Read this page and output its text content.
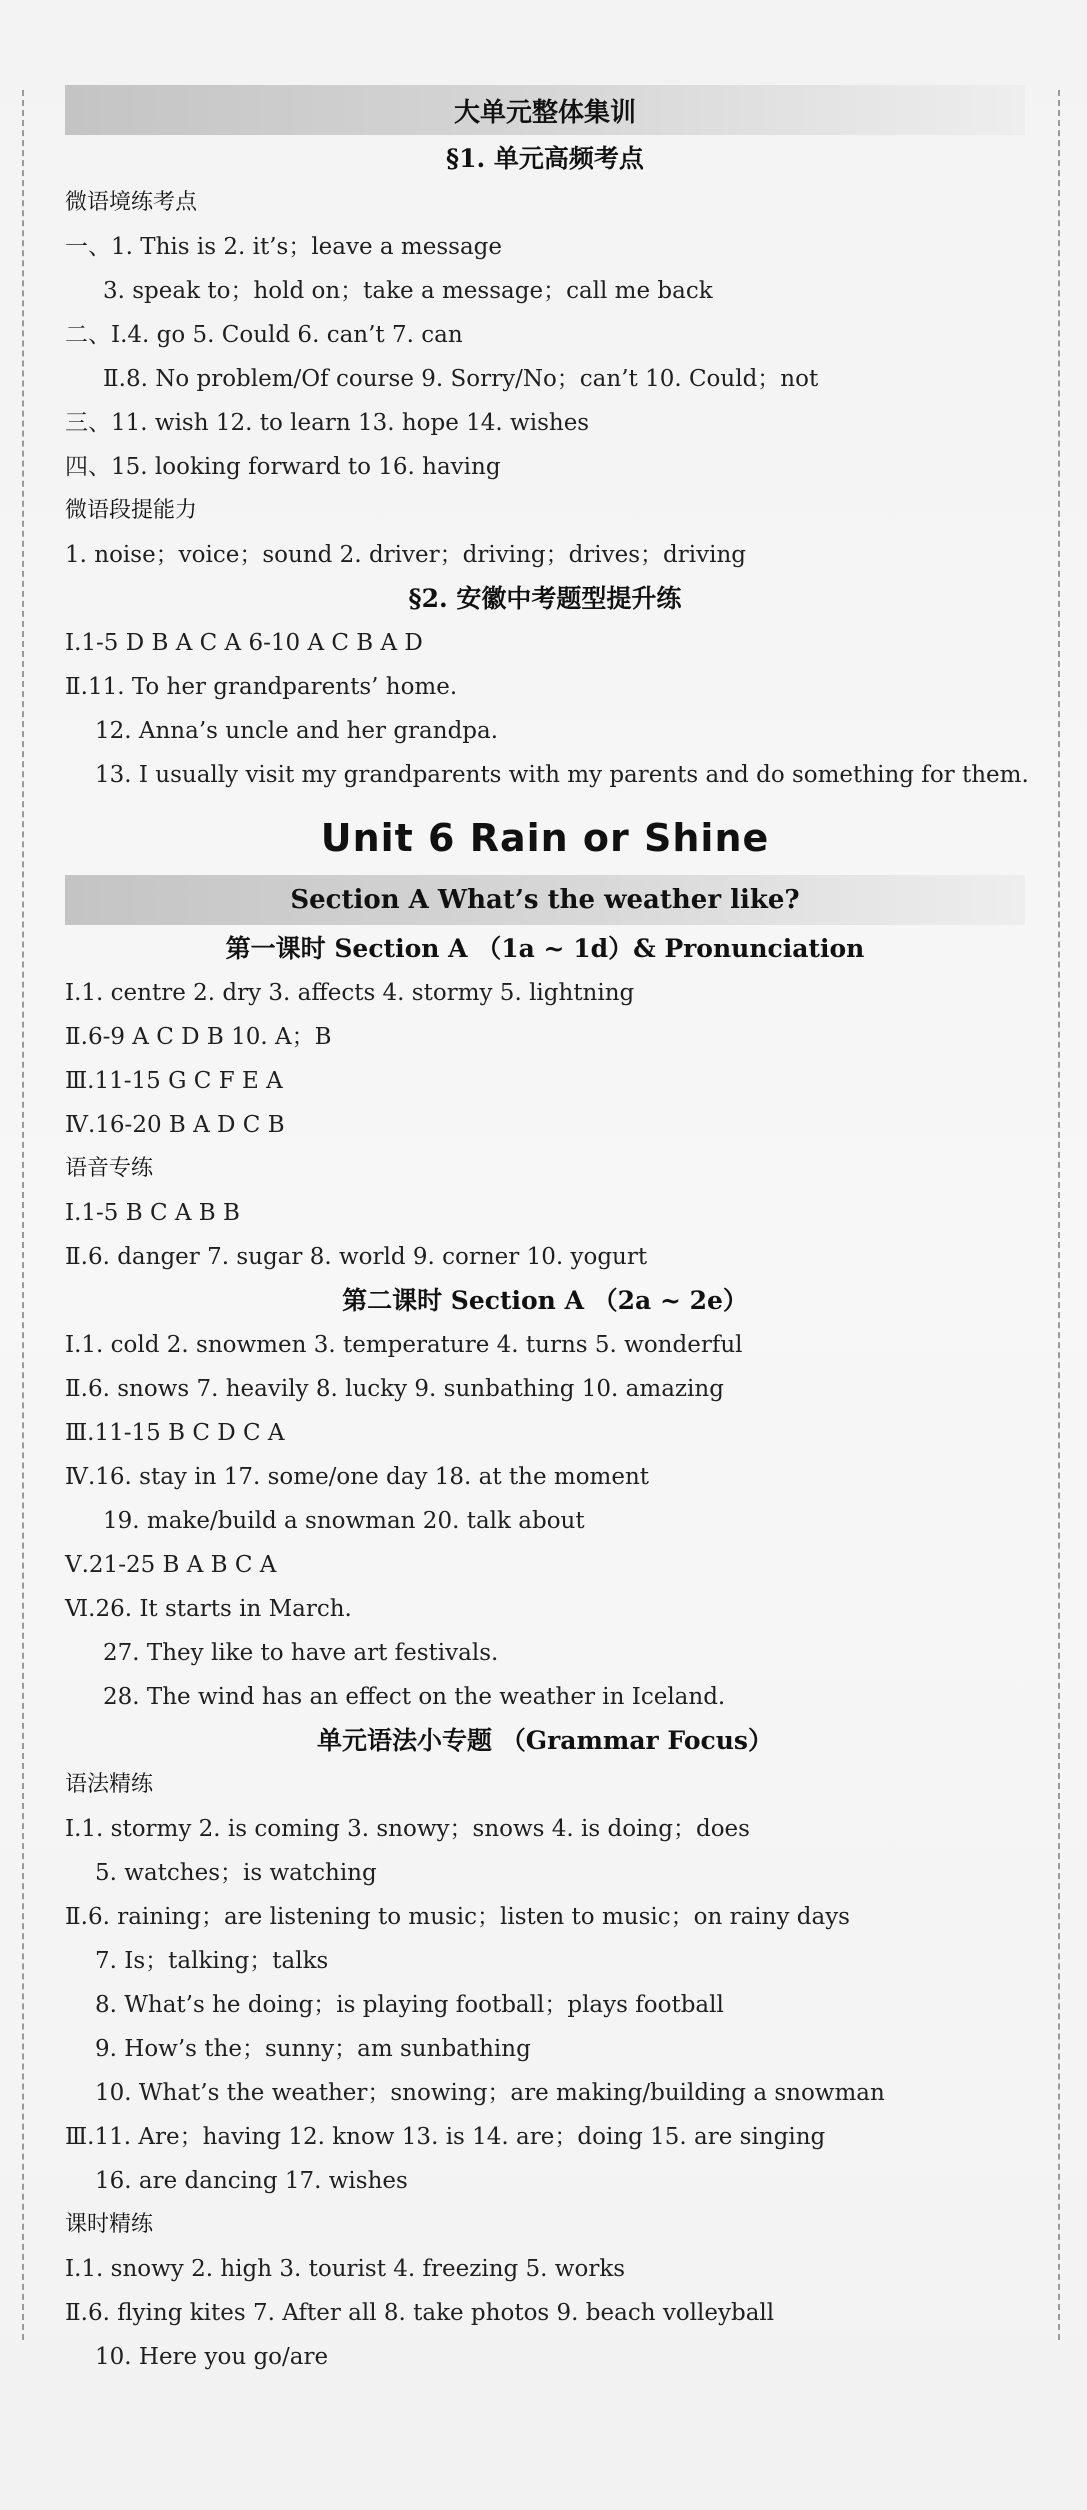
大单元整体集训
§1. 单元高频考点
微语境练考点
一、1. This is 2. it’s；leave a message
3. speak to；hold on；take a message；call me back
二、Ⅰ.4. go 5. Could 6. can’t 7. can
Ⅱ.8. No problem/Of course 9. Sorry/No；can’t 10. Could；not
三、11. wish 12. to learn 13. hope 14. wishes
四、15. looking forward to 16. having
微语段提能力
1. noise；voice；sound 2. driver；driving；drives；driving
§2. 安徽中考题型提升练
Ⅰ.1-5 D B A C A 6-10 A C B A D
Ⅱ.11. To her grandparents’ home.
12. Anna’s uncle and her grandpa.
13. I usually visit my grandparents with my parents and do something for them.
Unit 6 Rain or Shine
Section A What’s the weather like?
第一课时 Section A （1a ~ 1d）& Pronunciation
Ⅰ.1. centre 2. dry 3. affects 4. stormy 5. lightning
Ⅱ.6-9 A C D B 10. A；B
Ⅲ.11-15 G C F E A
Ⅳ.16-20 B A D C B
语音专练
Ⅰ.1-5 B C A B B
Ⅱ.6. danger 7. sugar 8. world 9. corner 10. yogurt
第二课时 Section A （2a ~ 2e）
Ⅰ.1. cold 2. snowmen 3. temperature 4. turns 5. wonderful
Ⅱ.6. snows 7. heavily 8. lucky 9. sunbathing 10. amazing
Ⅲ.11-15 B C D C A
Ⅳ.16. stay in 17. some/one day 18. at the moment
19. make/build a snowman 20. talk about
Ⅴ.21-25 B A B C A
Ⅵ.26. It starts in March.
27. They like to have art festivals.
28. The wind has an effect on the weather in Iceland.
单元语法小专题 （Grammar Focus）
语法精练
Ⅰ.1. stormy 2. is coming 3. snowy；snows 4. is doing；does
5. watches；is watching
Ⅱ.6. raining；are listening to music；listen to music；on rainy days
7. Is；talking；talks
8. What’s he doing；is playing football；plays football
9. How’s the；sunny；am sunbathing
10. What’s the weather；snowing；are making/building a snowman
Ⅲ.11. Are；having 12. know 13. is 14. are；doing 15. are singing
16. are dancing 17. wishes
课时精练
Ⅰ.1. snowy 2. high 3. tourist 4. freezing 5. works
Ⅱ.6. flying kites 7. After all 8. take photos 9. beach volleyball
10. Here you go/are
